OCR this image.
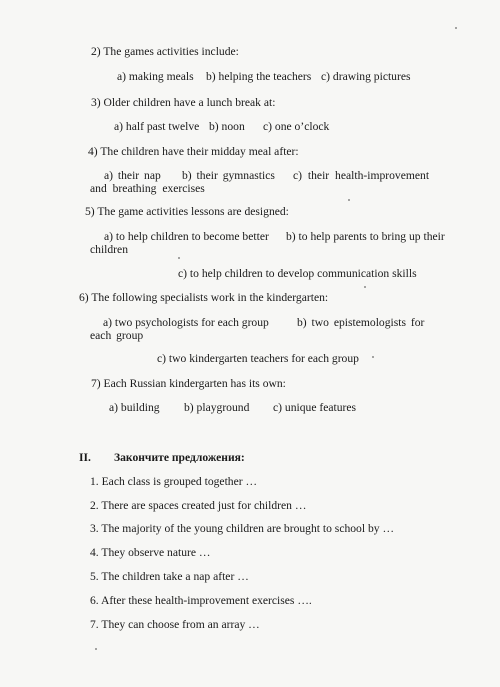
2) The games activities include:
a) making meals b) helping the teachers c) drawing pictures
3) Older children have a lunch break at:
a) half past twelve b) noon c) one o’clock
4) The children have their midday meal after:
a) their nap b) their gymnastics	c) their health-improvement and breathing exercises
5) The game activities lessons are designed:
a) to help children to become better children
b) to help parents to bring up their
c) to help children to develop communication skills
6) The following specialists work in the kindergarten:
a) two psychologists for each group	b) two epistemologists for each group
c) two kindergarten teachers for each group
7) Each Russian kindergarten has its own:
a) building b) playground c) unique features
II. Закончите предложения:
1. Each class is grouped together …
2. There are spaces created just for children …
3. The majority of the young children are brought to school by …
4. They observe nature …
5. The children take a nap after …
6. After these health-improvement exercises ….
7. They can choose from an array …
